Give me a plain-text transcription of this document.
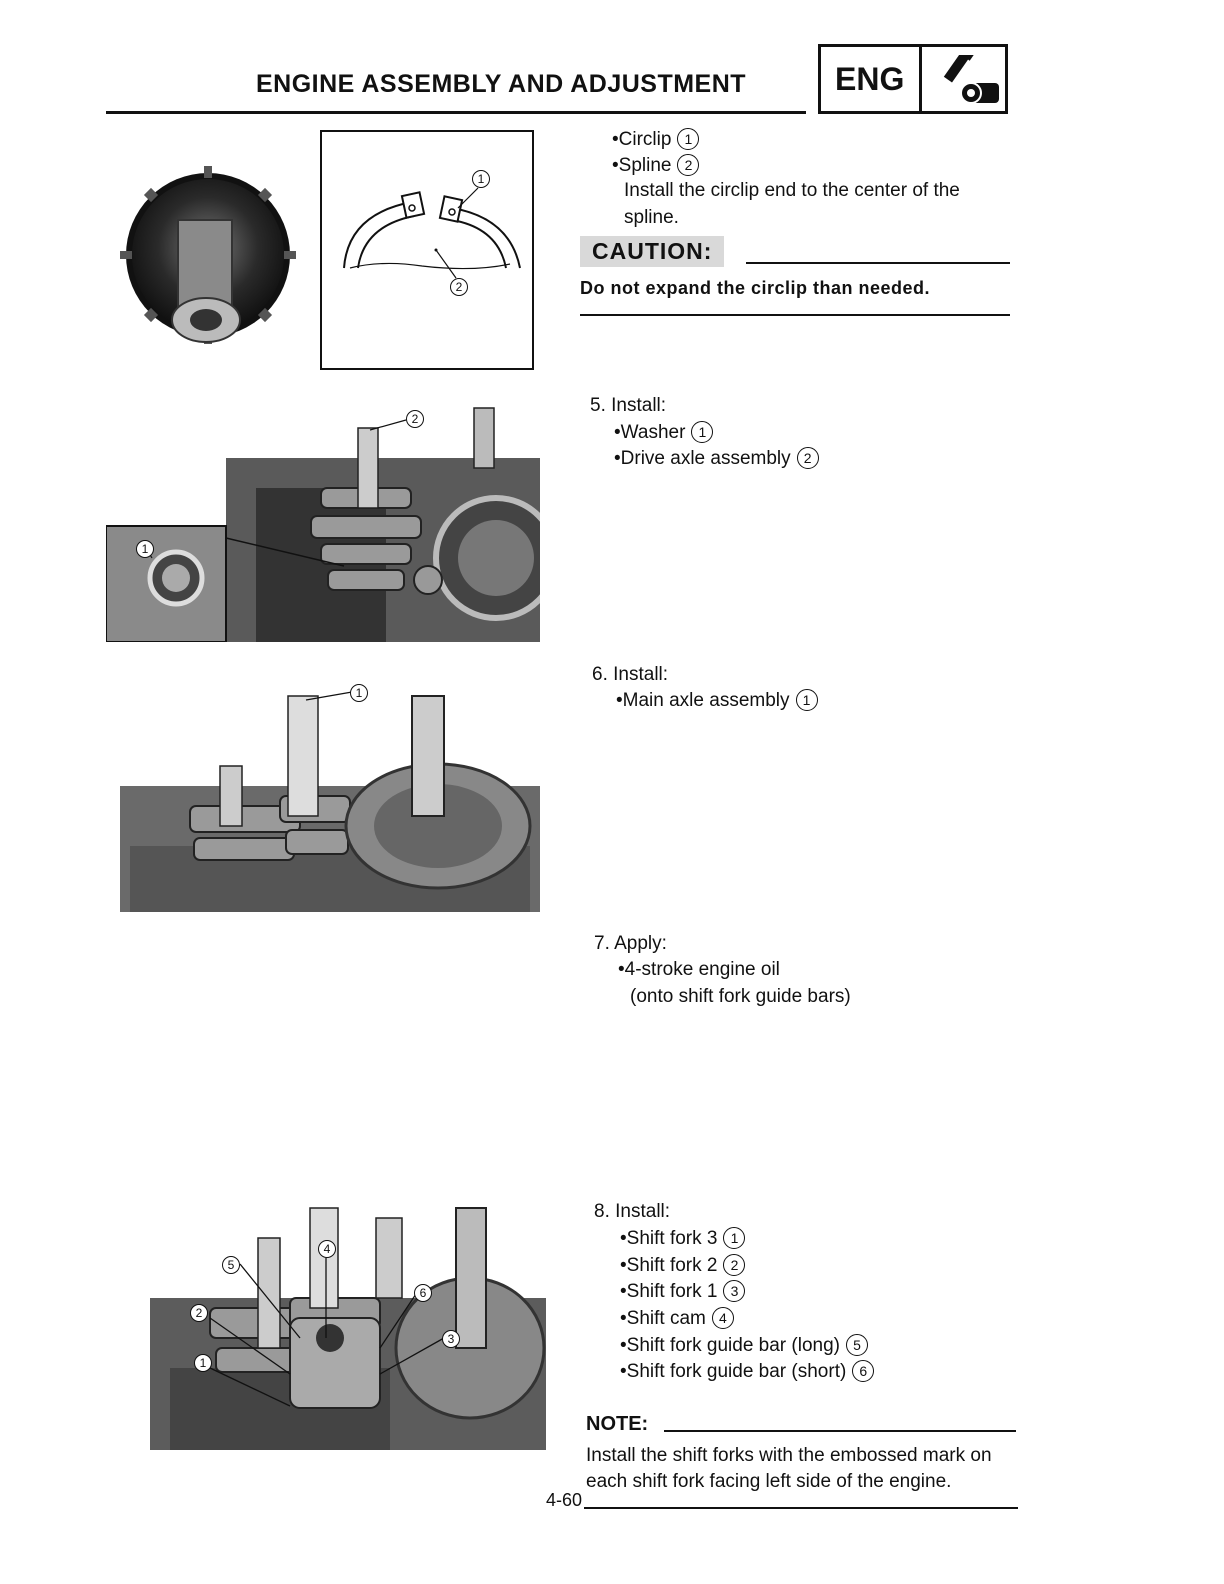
ENGINE ASSEMBLY AND ADJUSTMENT	ENG
1
2
•Circlip 1
•Spline 2
Install the circlip end to the center of the
spline.
CAUTION:
Do not expand the circlip than needed.
2
1
5. Install:
•Washer 1
•Drive axle assembly 2
1
6. Install:
•Main axle assembly 1
7. Apply:
•4-stroke engine oil
(onto shift fork guide bars)
5
4
6
2
3
1
8. Install:
•Shift fork 3 1
•Shift fork 2 2
•Shift fork 1 3
•Shift cam 4
•Shift fork guide bar (long) 5
•Shift fork guide bar (short) 6
NOTE:
Install the shift forks with the embossed mark on
each shift fork facing left side of the engine.
4-60
